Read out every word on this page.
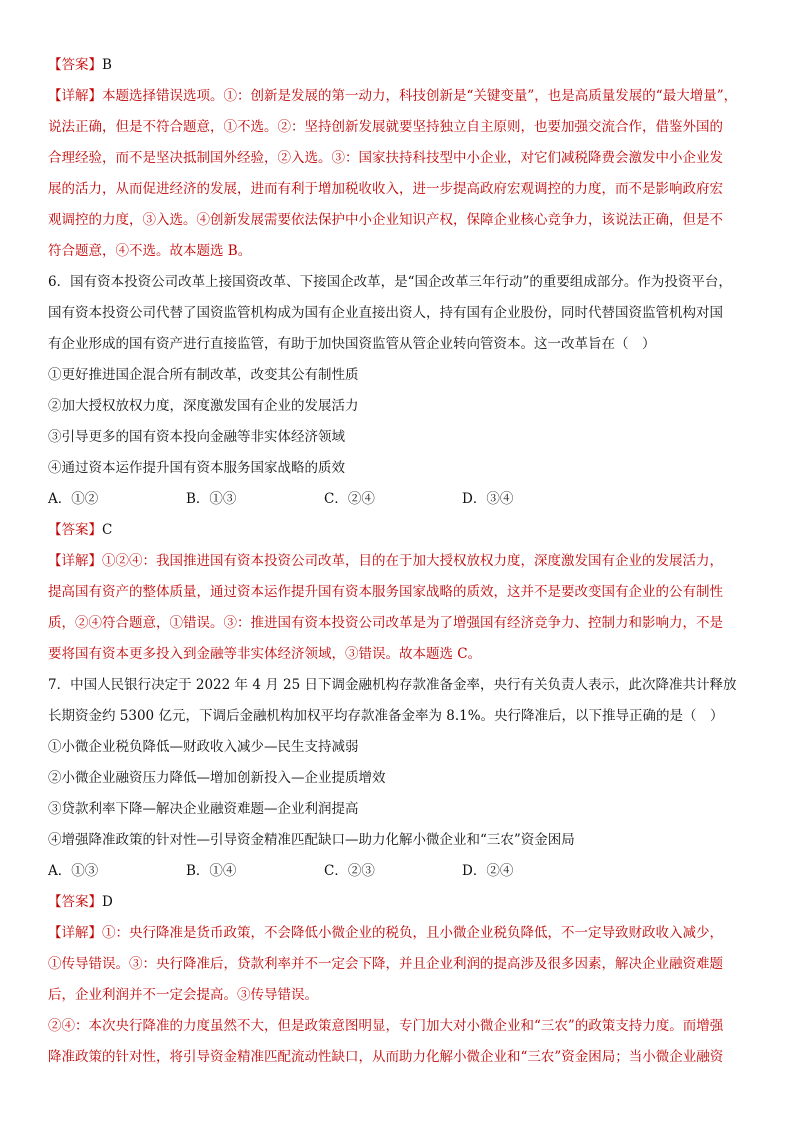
【答案】B
【详解】本题选择错误选项。①：创新是发展的第一动力，科技创新是“关键变量”，也是高质量发展的“最大增量”，
说法正确，但是不符合题意，①不选。②：坚持创新发展就要坚持独立自主原则，也要加强交流合作，借鉴外国的
合理经验，而不是坚决抵制国外经验，②入选。③：国家扶持科技型中小企业，对它们减税降费会激发中小企业发
展的活力，从而促进经济的发展，进而有利于增加税收收入，进一步提高政府宏观调控的力度，而不是影响政府宏
观调控的力度，③入选。④创新发展需要依法保护中小企业知识产权，保障企业核心竞争力，该说法正确，但是不
符合题意，④不选。故本题选 B。
6．国有资本投资公司改革上接国资改革、下接国企改革，是“国企改革三年行动”的重要组成部分。作为投资平台，
国有资本投资公司代替了国资监管机构成为国有企业直接出资人，持有国有企业股份，同时代替国资监管机构对国
有企业形成的国有资产进行直接监管，有助于加快国资监管从管企业转向管资本。这一改革旨在（　）
①更好推进国企混合所有制改革，改变其公有制性质
②加大授权放权力度，深度激发国有企业的发展活力
③引导更多的国有资本投向金融等非实体经济领域
④通过资本运作提升国有资本服务国家战略的质效
A．①②	B．①③	C．②④	D．③④
【答案】C
【详解】①②④：我国推进国有资本投资公司改革，目的在于加大授权放权力度，深度激发国有企业的发展活力，
提高国有资产的整体质量，通过资本运作提升国有资本服务国家战略的质效，这并不是要改变国有企业的公有制性
质，②④符合题意，①错误。③：推进国有资本投资公司改革是为了增强国有经济竞争力、控制力和影响力，不是
要将国有资本更多投入到金融等非实体经济领域，③错误。故本题选 C。
7．中国人民银行决定于 2022 年 4 月 25 日下调金融机构存款准备金率，央行有关负责人表示，此次降准共计释放
长期资金约 5300 亿元，下调后金融机构加权平均存款准备金率为 8.1%。央行降准后，以下推导正确的是（　）
①小微企业税负降低—财政收入减少—民生支持减弱
②小微企业融资压力降低—增加创新投入—企业提质增效
③贷款利率下降—解决企业融资难题—企业利润提高
④增强降准政策的针对性—引导资金精准匹配缺口—助力化解小微企业和“三农”资金困局
A．①③	B．①④	C．②③	D．②④
【答案】D
【详解】①：央行降准是货币政策，不会降低小微企业的税负，且小微企业税负降低，不一定导致财政收入减少，
①传导错误。③：央行降准后，贷款利率并不一定会下降，并且企业利润的提高涉及很多因素，解决企业融资难题
后，企业利润并不一定会提高。③传导错误。
②④：本次央行降准的力度虽然不大，但是政策意图明显，专门加大对小微企业和“三农”的政策支持力度。而增强
降准政策的针对性，将引导资金精准匹配流动性缺口，从而助力化解小微企业和“三农”资金困局；当小微企业融资
